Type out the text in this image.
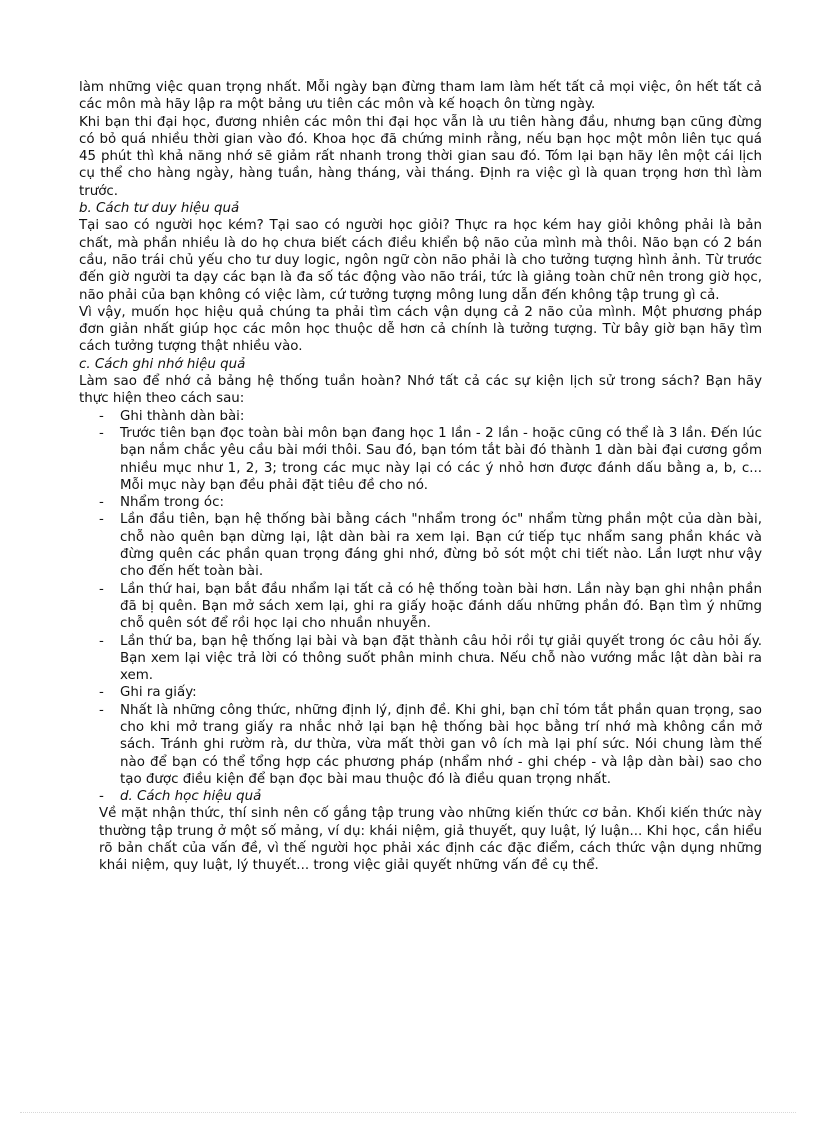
làm những việc quan trọng nhất. Mỗi ngày bạn đừng tham lam làm hết tất cả mọi việc, ôn hết tất cả các môn mà hãy lập ra một bảng ưu tiên các môn và kế hoạch ôn từng ngày.

Khi bạn thi đại học, đương nhiên các môn thi đại học vẫn là ưu tiên hàng đầu, nhưng bạn cũng đừng có bỏ quá nhiều thời gian vào đó. Khoa học đã chứng minh rằng, nếu bạn học một môn liên tục quá 45 phút thì khả năng nhớ sẽ giảm rất nhanh trong thời gian sau đó. Tóm lại bạn hãy lên một cái lịch cụ thể cho hàng ngày, hàng tuần, hàng tháng, vài tháng. Định ra việc gì là quan trọng hơn thì làm trước.

b. Cách tư duy hiệu quả

Tại sao có người học kém? Tại sao có người học giỏi? Thực ra học kém hay giỏi không phải là bản chất, mà phần nhiều là do họ chưa biết cách điều khiển bộ não của mình mà thôi. Não bạn có 2 bán cầu, não trái chủ yếu cho tư duy logic, ngôn ngữ còn não phải là cho tưởng tượng hình ảnh. Từ trước đến giờ người ta dạy các bạn là đa số tác động vào não trái, tức là giảng toàn chữ nên trong giờ học, não phải của bạn không có việc làm, cứ tưởng tượng mông lung dẫn đến không tập trung gì cả.

Vì vậy, muốn học hiệu quả chúng ta phải tìm cách vận dụng cả 2 não của mình. Một phương pháp đơn giản nhất giúp học các môn học thuộc dễ hơn cả chính là tưởng tượng. Từ bây giờ bạn hãy tìm cách tưởng tượng thật nhiều vào.

c. Cách ghi nhớ hiệu quả

Làm sao để nhớ cả bảng hệ thống tuần hoàn? Nhớ tất cả các sự kiện lịch sử trong sách? Bạn hãy thực hiện theo cách sau:

- Ghi thành dàn bài:
- Trước tiên bạn đọc toàn bài môn bạn đang học 1 lần - 2 lần - hoặc cũng có thể là 3 lần. Đến lúc bạn nắm chắc yêu cầu bài mới thôi. Sau đó, bạn tóm tắt bài đó thành 1 dàn bài đại cương gồm nhiều mục như 1, 2, 3; trong các mục này lại có các ý nhỏ hơn được đánh dấu bằng a, b, c... Mỗi mục này bạn đều phải đặt tiêu đề cho nó.
- Nhẩm trong óc:
- Lần đầu tiên, bạn hệ thống bài bằng cách "nhẩm trong óc" nhẩm từng phần một của dàn bài, chỗ nào quên bạn dừng lại, lật dàn bài ra xem lại. Bạn cứ tiếp tục nhẩm sang phần khác và đừng quên các phần quan trọng đáng ghi nhớ, đừng bỏ sót một chi tiết nào. Lần lượt như vậy cho đến hết toàn bài.
- Lần thứ hai, bạn bắt đầu nhẩm lại tất cả có hệ thống toàn bài hơn. Lần này bạn ghi nhận phần đã bị quên. Bạn mở sách xem lại, ghi ra giấy hoặc đánh dấu những phần đó. Bạn tìm ý những chỗ quên sót để rồi học lại cho nhuần nhuyễn.
- Lần thứ ba, bạn hệ thống lại bài và bạn đặt thành câu hỏi rồi tự giải quyết trong óc câu hỏi ấy. Bạn xem lại việc trả lời có thông suốt phân minh chưa. Nếu chỗ nào vướng mắc lật dàn bài ra xem.
- Ghi ra giấy:
- Nhất là những công thức, những định lý, định đề. Khi ghi, bạn chỉ tóm tắt phần quan trọng, sao cho khi mở trang giấy ra nhắc nhở lại bạn hệ thống bài học bằng trí nhớ mà không cần mở sách. Tránh ghi rườm rà, dư thừa, vừa mất thời gan vô ích mà lại phí sức. Nói chung làm thế nào để bạn có thể tổng hợp các phương pháp (nhẩm nhớ - ghi chép - và lập dàn bài) sao cho tạo được điều kiện để bạn đọc bài mau thuộc đó là điều quan trọng nhất.
- d. Cách học hiệu quả

Về mặt nhận thức, thí sinh nên cố gắng tập trung vào những kiến thức cơ bản. Khối kiến thức này thường tập trung ở một số mảng, ví dụ: khái niệm, giả thuyết, quy luật, lý luận... Khi học, cần hiểu rõ bản chất của vấn đề, vì thế người học phải xác định các đặc điểm, cách thức vận dụng những khái niệm, quy luật, lý thuyết... trong việc giải quyết những vấn đề cụ thể.
